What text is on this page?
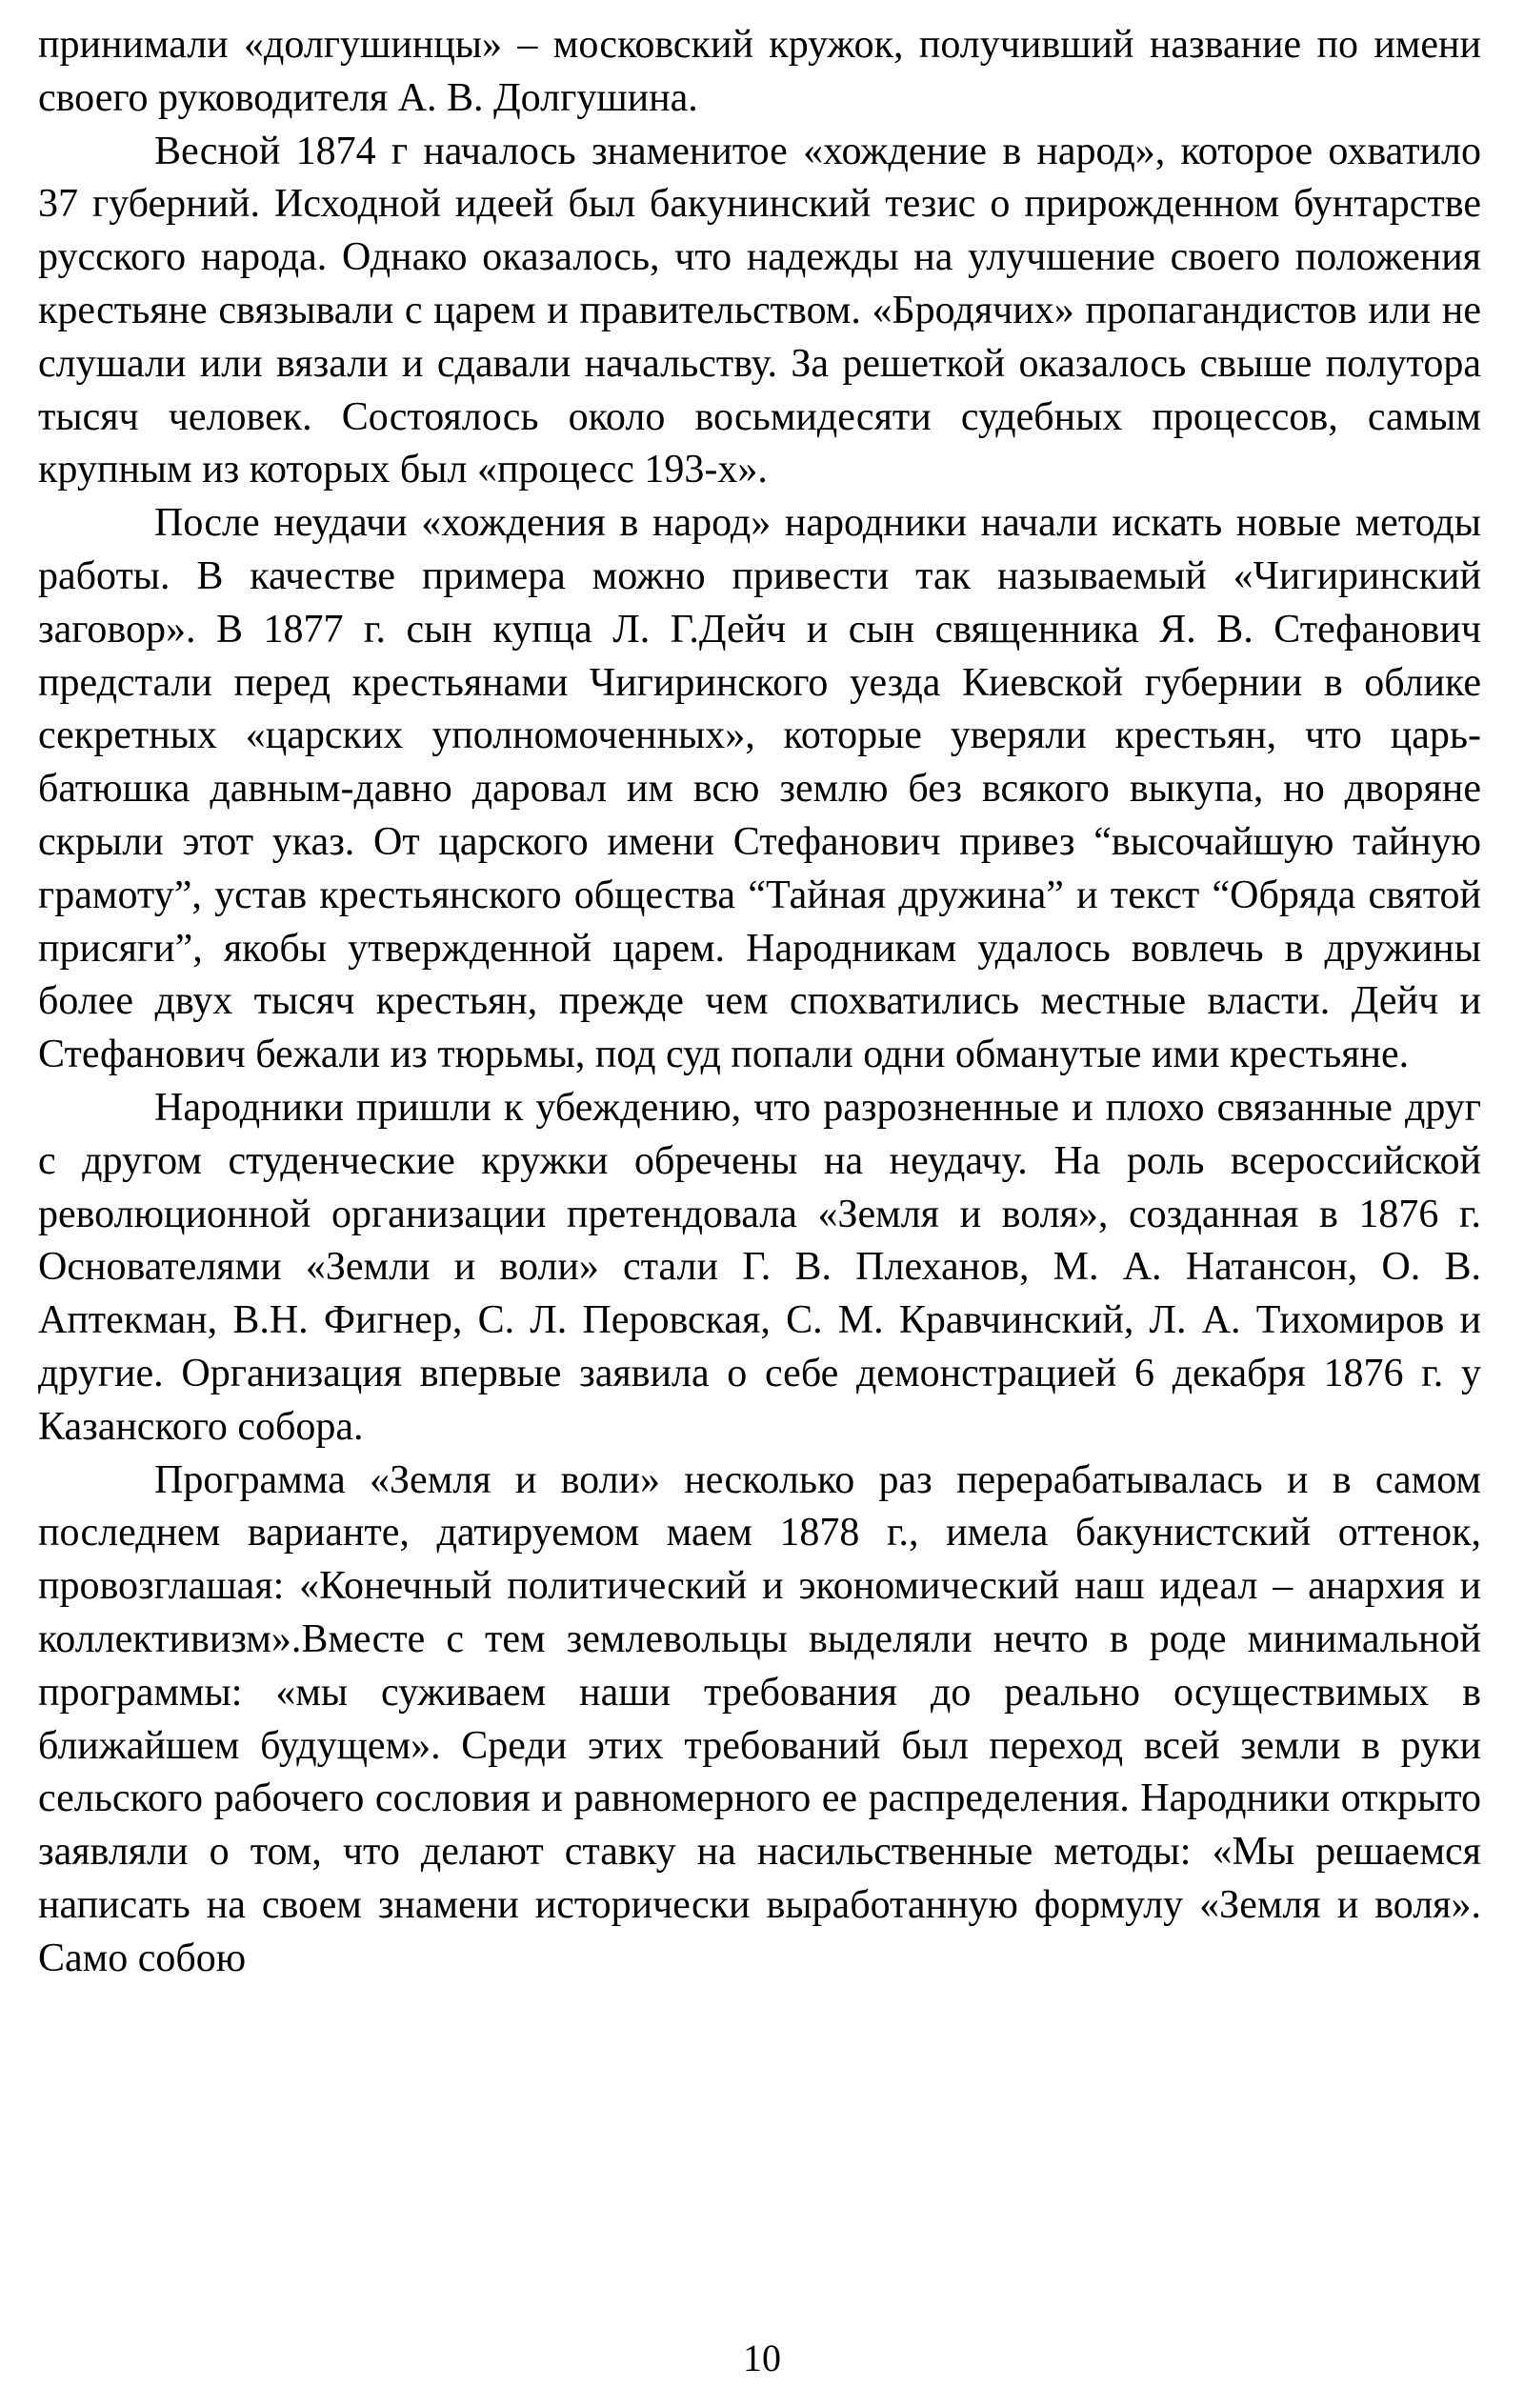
принимали «долгушинцы» – московский кружок, получивший название по имени своего руководителя А. В. Долгушина.

Весной 1874 г началось знаменитое «хождение в народ», которое охватило 37 губерний. Исходной идеей был бакунинский тезис о прирожденном бунтарстве русского народа. Однако оказалось, что надежды на улучшение своего положения крестьяне связывали с царем и правительством. «Бродячих» пропагандистов или не слушали или вязали и сдавали начальству. За решеткой оказалось свыше полутора тысяч человек. Состоялось около восьмидесяти судебных процессов, самым крупным из которых был «процесс 193-х».

После неудачи «хождения в народ» народники начали искать новые методы работы. В качестве примера можно привести так называемый «Чигиринский заговор». В 1877 г. сын купца Л. Г.Дейч и сын священника Я. В. Стефанович предстали перед крестьянами Чигиринского уезда Киевской губернии в облике секретных «царских уполномоченных», которые уверяли крестьян, что царь-батюшка давным-давно даровал им всю землю без всякого выкупа, но дворяне скрыли этот указ. От царского имени Стефанович привез “высочайшую тайную грамоту”, устав крестьянского общества “Тайная дружина” и текст “Обряда святой присяги”, якобы утвержденной царем. Народникам удалось вовлечь в дружины более двух тысяч крестьян, прежде чем спохватились местные власти. Дейч и Стефанович бежали из тюрьмы, под суд попали одни обманутые ими крестьяне.

Народники пришли к убеждению, что разрозненные и плохо связанные друг с другом студенческие кружки обречены на неудачу. На роль всероссийской революционной организации претендовала «Земля и воля», созданная в 1876 г. Основателями «Земли и воли» стали Г. В. Плеханов, М. А. Натансон, О. В. Аптекман, В.Н. Фигнер, С. Л. Перовская, С. М. Кравчинский, Л. А. Тихомиров и другие. Организация впервые заявила о себе демонстрацией 6 декабря 1876 г. у Казанского собора.

Программа «Земля и воли» несколько раз перерабатывалась и в самом последнем варианте, датируемом маем 1878 г., имела бакунистский оттенок, провозглашая: «Конечный политический и экономический наш идеал – анархия и коллективизм».Вместе с тем землевольцы выделяли нечто в роде минимальной программы: «мы суживаем наши требования до реально осуществимых в ближайшем будущем». Среди этих требований был переход всей земли в руки сельского рабочего сословия и равномерного ее распределения. Народники открыто заявляли о том, что делают ставку на насильственные методы: «Мы решаемся написать на своем знамени исторически выработанную формулу «Земля и воля». Само собою

10
